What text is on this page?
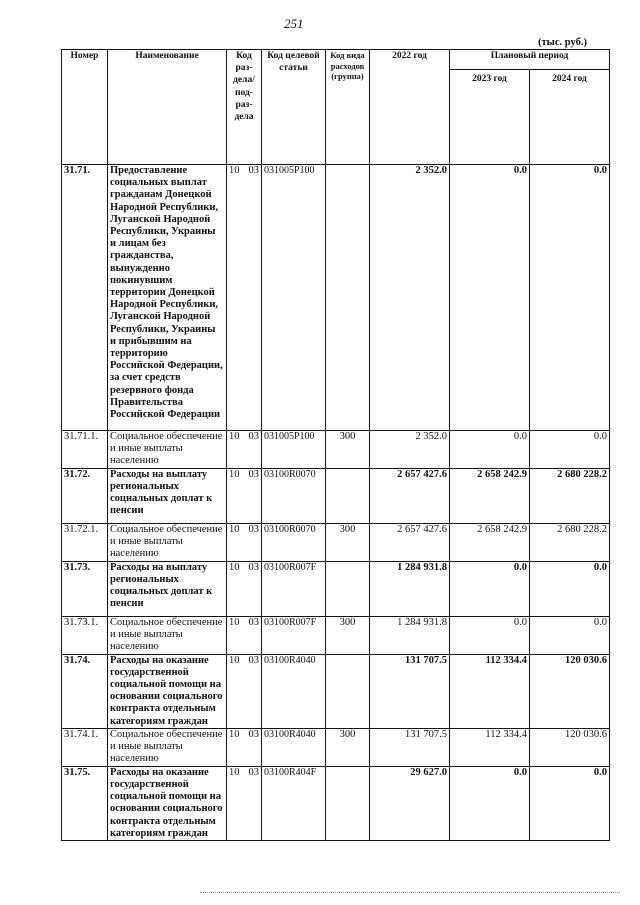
251
(тыс. руб.)
Номер	Наименование	Код раз-дела/ под-раз-дела	Код целевой статьи	Код вида расходов (группа)	2022 год	Плановый период	
						2023 год	2024 год
31.71.	Предоставление социальных выплат гражданам Донецкой Народной Республики, Луганской Народной Республики, Украины и лицам без гражданства, вынужденно покинувшим территории Донецкой Народной Республики, Луганской Народной Республики, Украины и прибывшим на территорию Российской Федерации, за счет средств резервного фонда Правительства Российской Федерации	10 03	031005P100		2 352.0	0.0	0.0
31.71.1.	Социальное обеспечение и иные выплаты населению	10 03	031005P100	300	2 352.0	0.0	0.0
31.72.	Расходы на выплату региональных социальных доплат к пенсии	10 03	03100R0070		2 657 427.6	2 658 242.9	2 680 228.2
31.72.1.	Социальное обеспечение и иные выплаты населению	10 03	03100R0070	300	2 657 427.6	2 658 242.9	2 680 228.2
31.73.	Расходы на выплату региональных социальных доплат к пенсии	10 03	03100R007F		1 284 931.8	0.0	0.0
31.73.1.	Социальное обеспечение и иные выплаты населению	10 03	03100R007F	300	1 284 931.8	0.0	0.0
31.74.	Расходы на оказание государственной социальной помощи на основании социального контракта отдельным категориям граждан	10 03	03100R4040		131 707.5	112 334.4	120 030.6
31.74.1.	Социальное обеспечение и иные выплаты населению	10 03	03100R4040	300	131 707.5	112 334.4	120 030.6
31.75.	Расходы на оказание государственной социальной помощи на основании социального контракта отдельным категориям граждан	10 03	03100R404F		29 627.0	0.0	0.0
